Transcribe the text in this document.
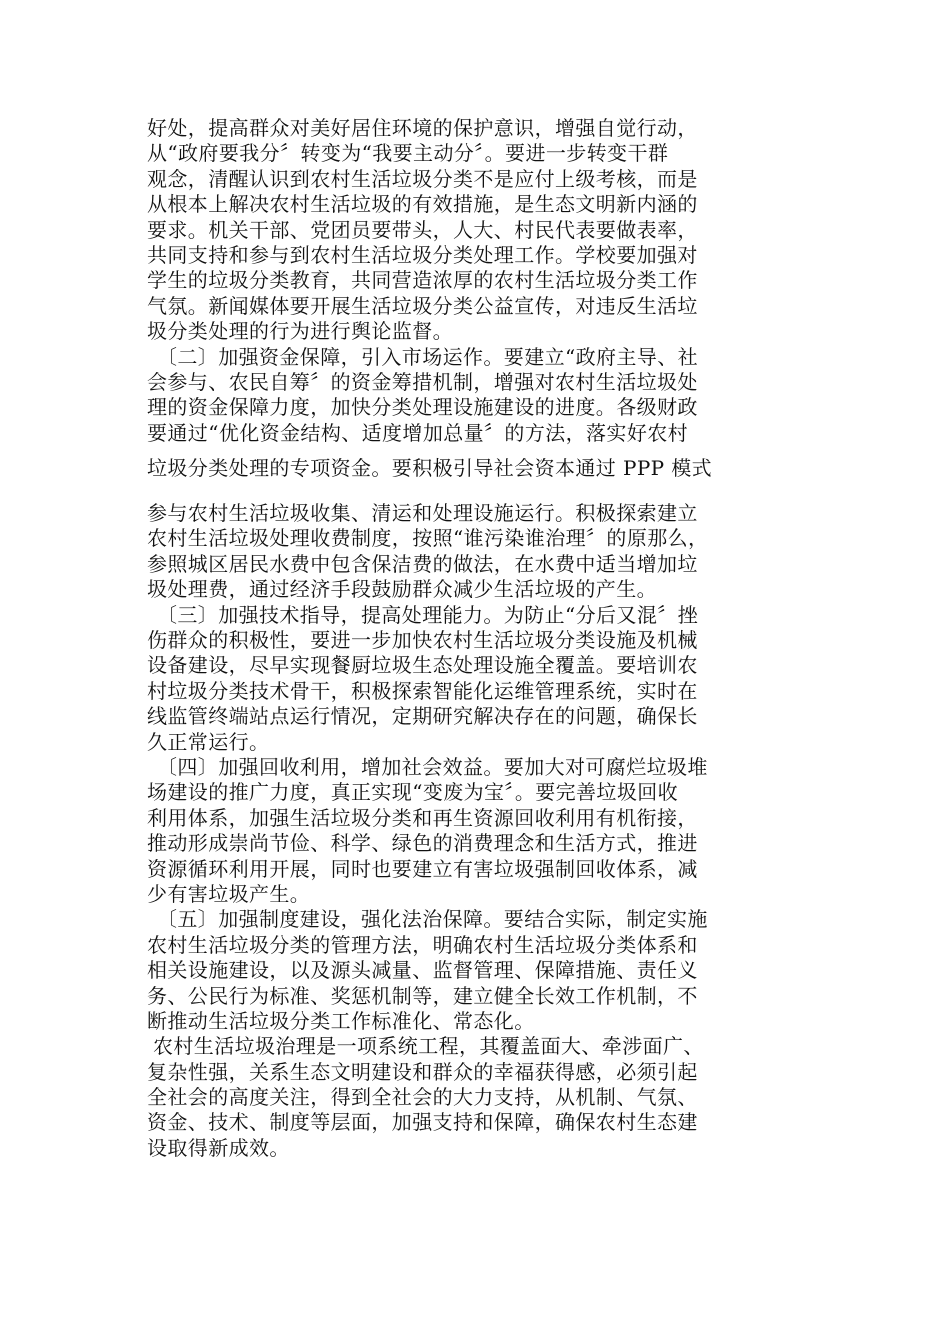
好处，提高群众对美好居住环境的保护意识，增强自觉行动，
从“政府要我分〞转变为“我要主动分〞。要进一步转变干群
观念，清醒认识到农村生活垃圾分类不是应付上级考核，而是
从根本上解决农村生活垃圾的有效措施，是生态文明新内涵的
要求。机关干部、党团员要带头，人大、村民代表要做表率，
共同支持和参与到农村生活垃圾分类处理工作。学校要加强对
学生的垃圾分类教育，共同营造浓厚的农村生活垃圾分类工作
气氛。新闻媒体要开展生活垃圾分类公益宣传，对违反生活垃
圾分类处理的行为进行舆论监督。
〔二〕加强资金保障，引入市场运作。要建立“政府主导、社
会参与、农民自筹〞的资金筹措机制，增强对农村生活垃圾处
理的资金保障力度，加快分类处理设施建设的进度。各级财政
要通过“优化资金结构、适度增加总量〞的方法，落实好农村
垃圾分类处理的专项资金。要积极引导社会资本通过 PPP 模式
参与农村生活垃圾收集、清运和处理设施运行。积极探索建立
农村生活垃圾处理收费制度，按照“谁污染谁治理〞的原那么，
参照城区居民水费中包含保洁费的做法，在水费中适当增加垃
圾处理费，通过经济手段鼓励群众减少生活垃圾的产生。
〔三〕加强技术指导，提高处理能力。为防止“分后又混〞挫
伤群众的积极性，要进一步加快农村生活垃圾分类设施及机械
设备建设，尽早实现餐厨垃圾生态处理设施全覆盖。要培训农
村垃圾分类技术骨干，积极探索智能化运维管理系统，实时在
线监管终端站点运行情况，定期研究解决存在的问题，确保长
久正常运行。
〔四〕加强回收利用，增加社会效益。要加大对可腐烂垃圾堆
场建设的推广力度，真正实现“变废为宝〞。要完善垃圾回收
利用体系，加强生活垃圾分类和再生资源回收利用有机衔接，
推动形成崇尚节俭、科学、绿色的消费理念和生活方式，推进
资源循环利用开展，同时也要建立有害垃圾强制回收体系，减
少有害垃圾产生。
〔五〕加强制度建设，强化法治保障。要结合实际，制定实施
农村生活垃圾分类的管理方法，明确农村生活垃圾分类体系和
相关设施建设，以及源头减量、监督管理、保障措施、责任义
务、公民行为标准、奖惩机制等，建立健全长效工作机制，不
断推动生活垃圾分类工作标准化、常态化。
农村生活垃圾治理是一项系统工程，其覆盖面大、牵涉面广、
复杂性强，关系生态文明建设和群众的幸福获得感，必须引起
全社会的高度关注，得到全社会的大力支持，从机制、气氛、
资金、技术、制度等层面，加强支持和保障，确保农村生态建
设取得新成效。
